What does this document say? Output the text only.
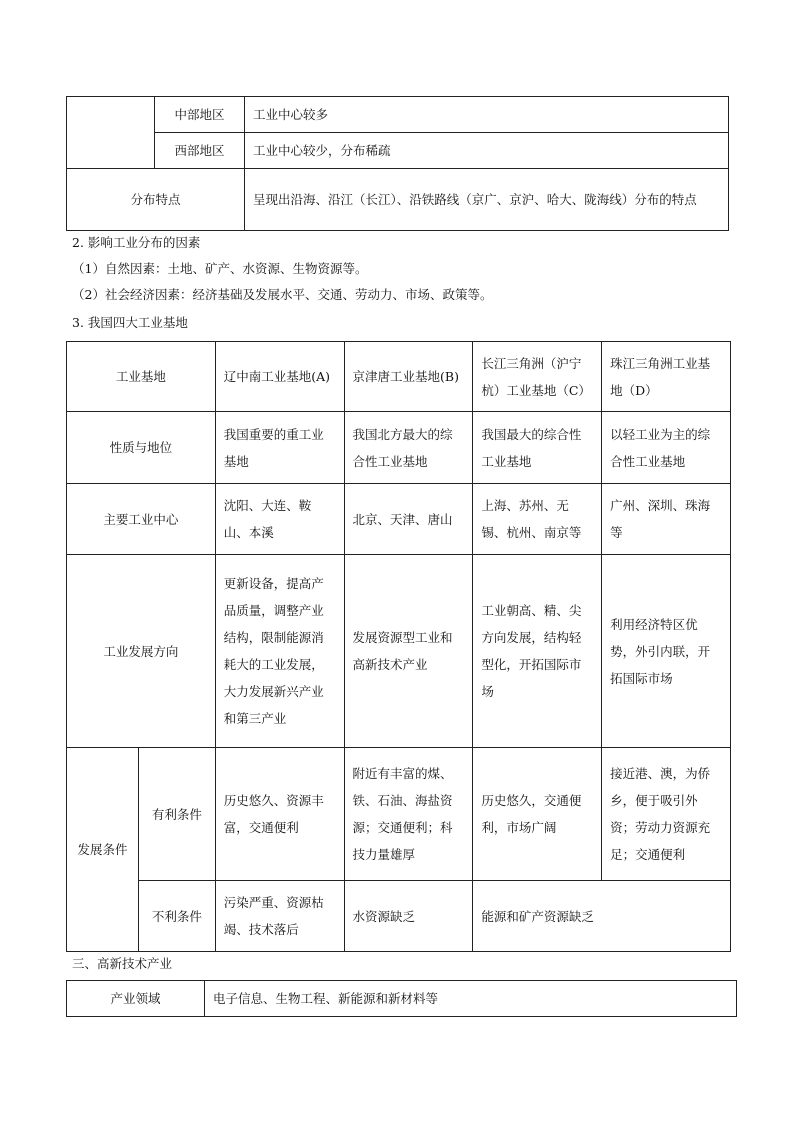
	中部地区	工业中心较多
	西部地区	工业中心较少，分布稀疏
分布特点		呈现出沿海、沿江（长江）、沿铁路线（京广、京沪、哈大、陇海线）分布的特点
2. 影响工业分布的因素
（1）自然因素：土地、矿产、水资源、生物资源等。
（2）社会经济因素：经济基础及发展水平、交通、劳动力、市场、政策等。
3. 我国四大工业基地
工业基地		辽中南工业基地(A)	京津唐工业基地(B)	长江三角洲（沪宁杭）工业基地（C）	珠江三角洲工业基地（D）
性质与地位		我国重要的重工业基地	我国北方最大的综合性工业基地	我国最大的综合性工业基地	以轻工业为主的综合性工业基地
主要工业中心		沈阳、大连、鞍山、本溪	北京、天津、唐山	上海、苏州、无锡、杭州、南京等	广州、深圳、珠海等
工业发展方向		更新设备，提高产品质量，调整产业结构，限制能源消耗大的工业发展，大力发展新兴产业和第三产业	发展资源型工业和高新技术产业	工业朝高、精、尖方向发展，结构轻型化，开拓国际市场	利用经济特区优势，外引内联，开拓国际市场
发展条件	有利条件	历史悠久、资源丰富，交通便利	附近有丰富的煤、铁、石油、海盐资源；交通便利；科技力量雄厚	历史悠久，交通便利，市场广阔	接近港、澳，为侨乡，便于吸引外资；劳动力资源充足；交通便利
	不利条件	污染严重、资源枯竭、技术落后	水资源缺乏	能源和矿产资源缺乏	
三、高新技术产业
产业领域	电子信息、生物工程、新能源和新材料等
